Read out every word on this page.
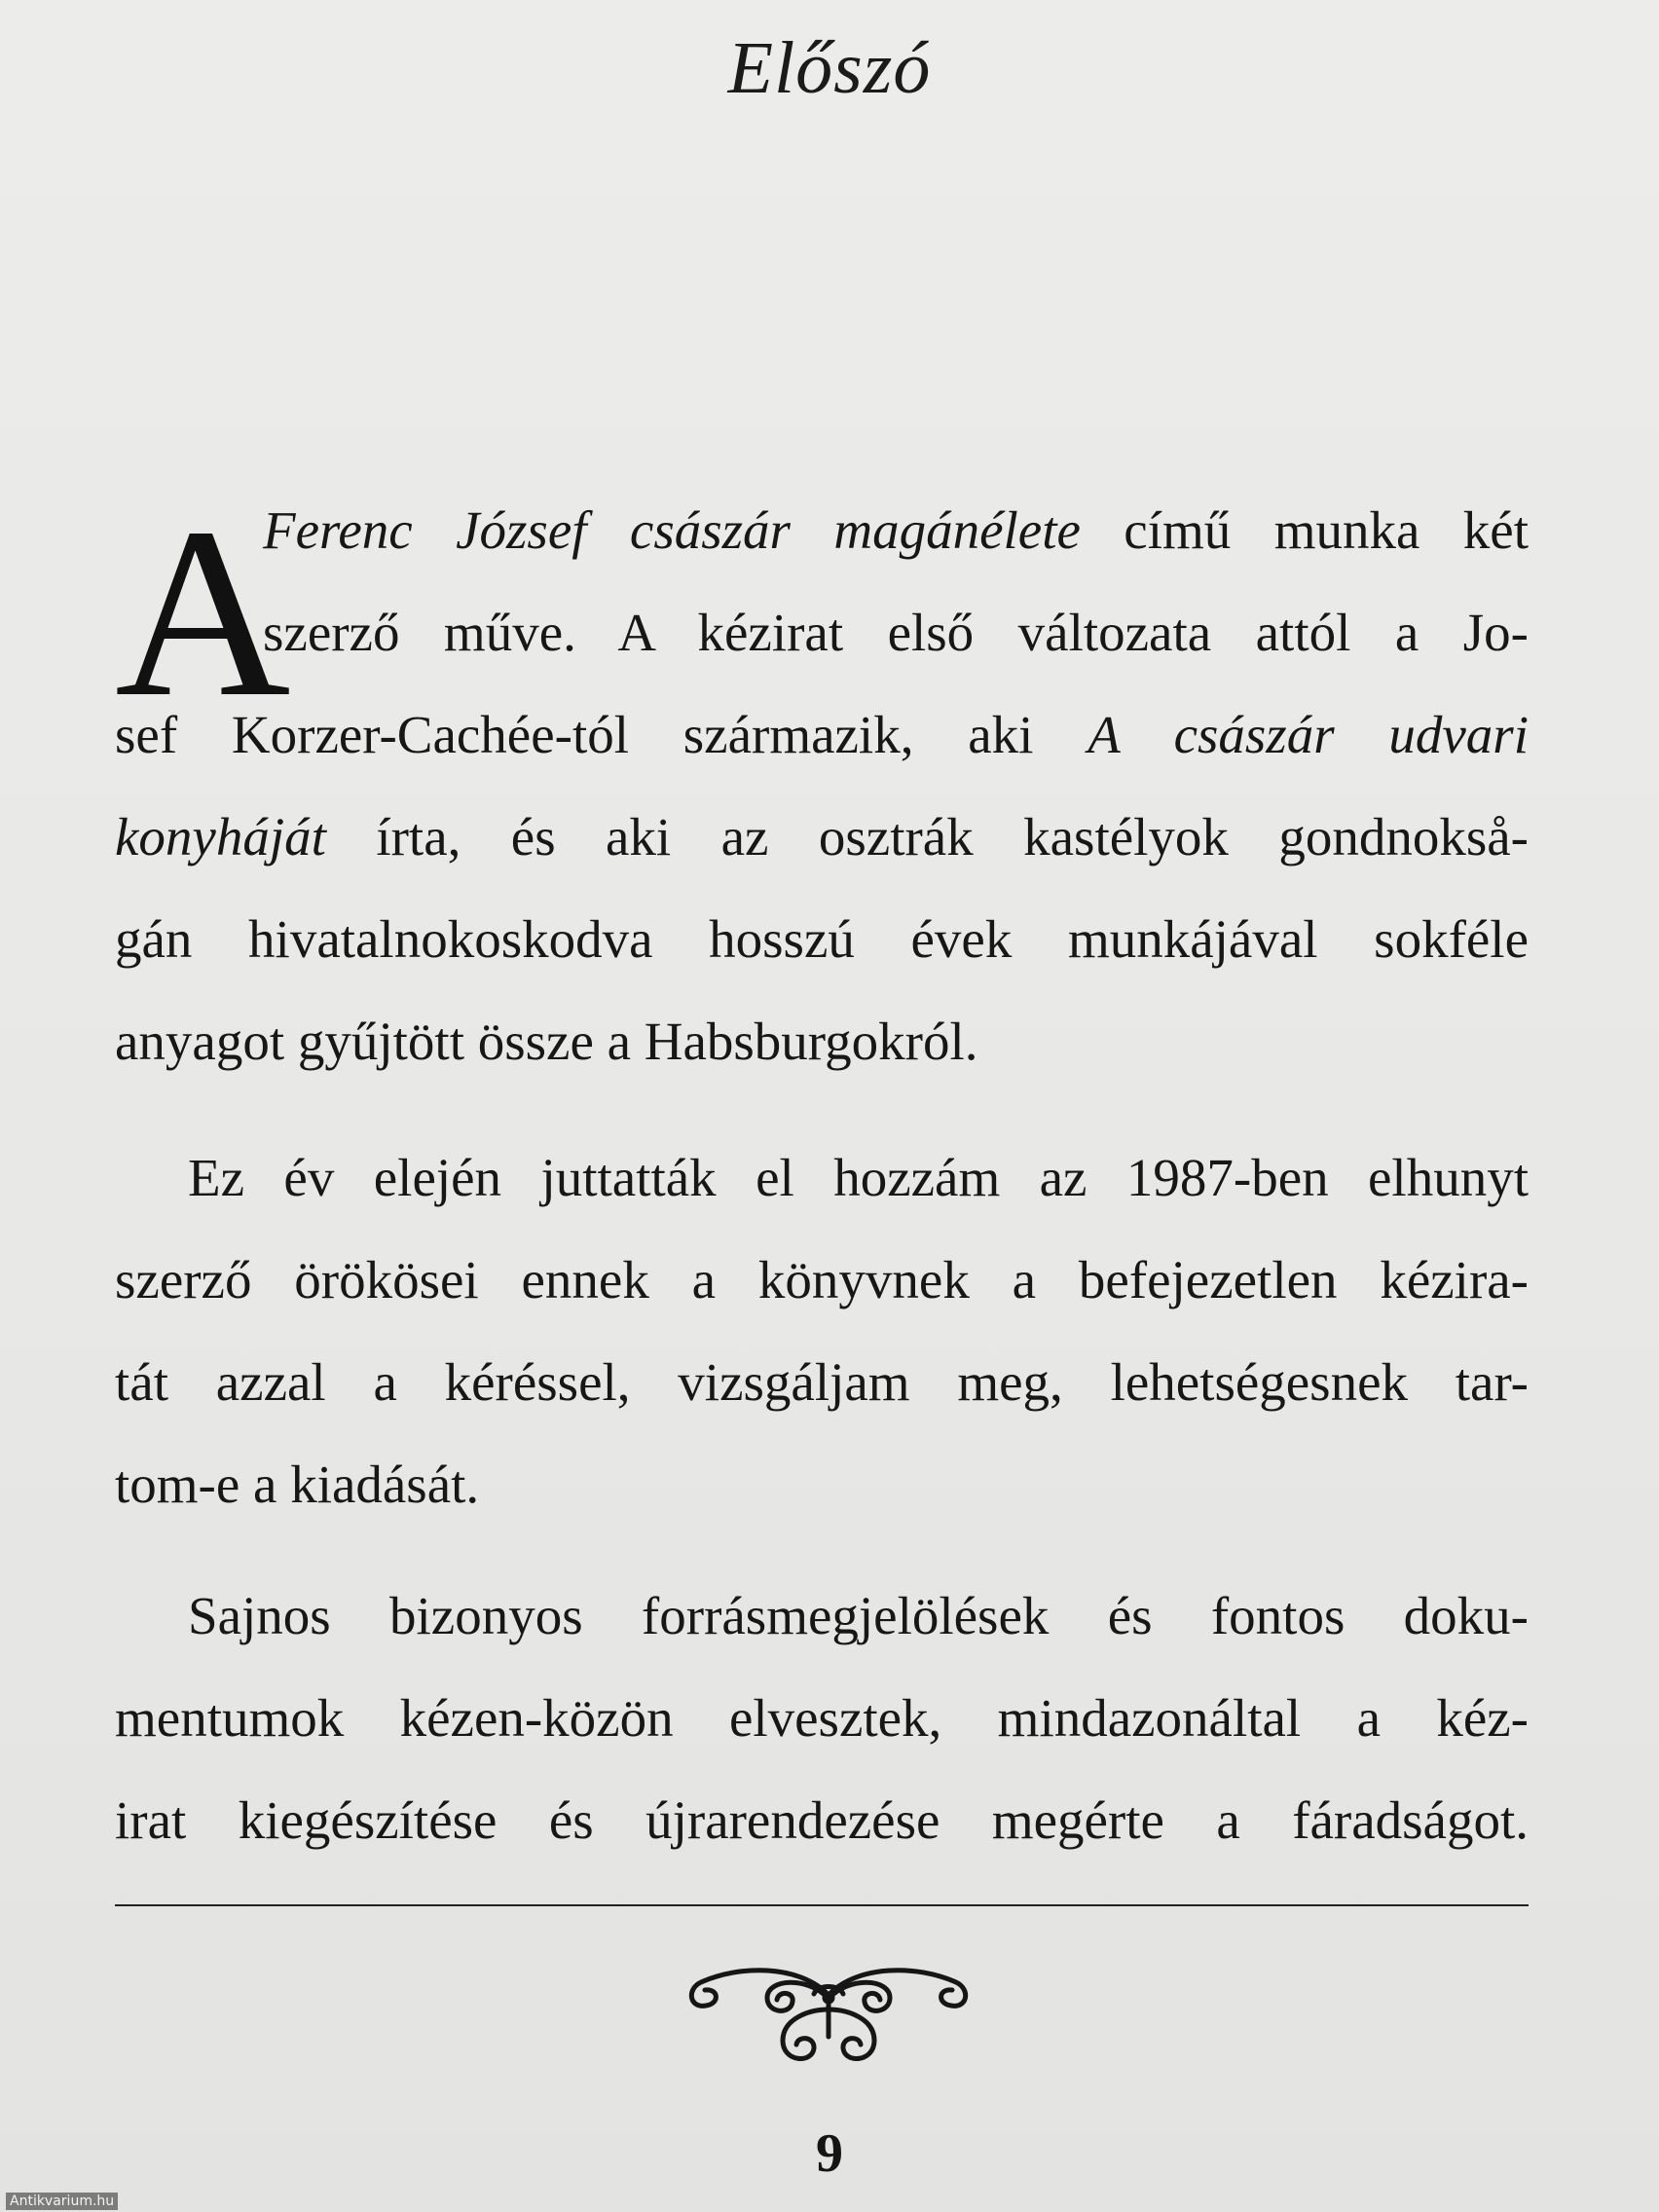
Előszó
A
Ferenc József császár magánélete című munka két
szerző műve. A kézirat első változata attól a Jo-
sef Korzer-Cachée-tól származik, aki A császár udvari
konyháját írta, és aki az osztrák kastélyok gondnokså-
gán hivatalnokoskodva hosszú évek munkájával sokféle
anyagot gyűjtött össze a Habsburgokról.
Ez év elején juttatták el hozzám az 1987-ben elhunyt
szerző örökösei ennek a könyvnek a befejezetlen kézira-
tát azzal a kéréssel, vizsgáljam meg, lehetségesnek tar-
tom-e a kiadását.
Sajnos bizonyos forrásmegjelölések és fontos doku-
mentumok kézen-közön elvesztek, mindazonáltal a kéz-
irat kiegészítése és újrarendezése megérte a fáradságot.
9
Antikvarium.hu
